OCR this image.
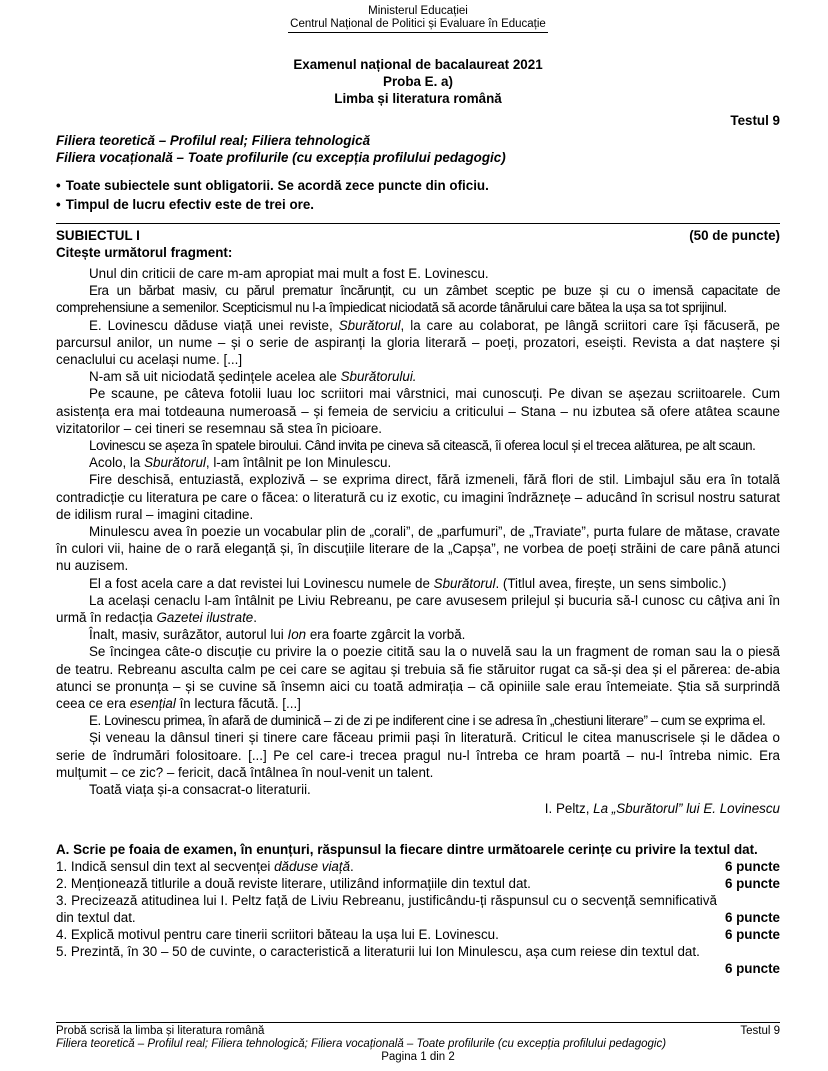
Ministerul Educației
Centrul Național de Politici și Evaluare în Educație
Examenul național de bacalaureat 2021
Proba E. a)
Limba și literatura română
Testul 9
Filiera teoretică – Profilul real; Filiera tehnologică
Filiera vocațională – Toate profilurile (cu excepția profilului pedagogic)
• Toate subiectele sunt obligatorii. Se acordă zece puncte din oficiu.
• Timpul de lucru efectiv este de trei ore.
SUBIECTUL I	(50 de puncte)
Citește următorul fragment:

Unul din criticii de care m-am apropiat mai mult a fost E. Lovinescu.

Era un bărbat masiv, cu părul prematur încărunțit, cu un zâmbet sceptic pe buze și cu o imensă capacitate de comprehensiune a semenilor. Scepticismul nu l-a împiedicat niciodată să acorde tânărului care bătea la ușa sa tot sprijinul.

E. Lovinescu dăduse viață unei reviste, Sburătorul, la care au colaborat, pe lângă scriitori care își făcuseră, pe parcursul anilor, un nume – și o serie de aspiranți la gloria literară – poeți, prozatori, eseiști. Revista a dat naștere și cenaclului cu același nume. [...]

N-am să uit niciodată ședințele acelea ale Sburătorului.

Pe scaune, pe câteva fotolii luau loc scriitori mai vârstnici, mai cunoscuți. Pe divan se așezau scriitoarele. Cum asistența era mai totdeauna numeroasă – și femeia de serviciu a criticului – Stana – nu izbutea să ofere atâtea scaune vizitatorilor – cei tineri se resemnau să stea în picioare.

Lovinescu se așeza în spatele biroului. Când invita pe cineva să citească, îi oferea locul și el trecea alăturea, pe alt scaun.

Acolo, la Sburătorul, l-am întâlnit pe Ion Minulescu.

Fire deschisă, entuziastă, explozivă – se exprima direct, fără izmeneli, fără flori de stil. Limbajul său era în totală contradicție cu literatura pe care o făcea: o literatură cu iz exotic, cu imagini îndrăznețe – aducând în scrisul nostru saturat de idilism rural – imagini citadine.

Minulescu avea în poezie un vocabular plin de „corali”, de „parfumuri”, de „Traviate”, purta fulare de mătase, cravate în culori vii, haine de o rară eleganță și, în discuțiile literare de la „Capșa”, ne vorbea de poeți străini de care până atunci nu auzisem.

El a fost acela care a dat revistei lui Lovinescu numele de Sburătorul. (Titlul avea, firește, un sens simbolic.)

La același cenaclu l-am întâlnit pe Liviu Rebreanu, pe care avusesem prilejul și bucuria să-l cunosc cu câțiva ani în urmă în redacția Gazetei ilustrate.

Înalt, masiv, surâzător, autorul lui Ion era foarte zgârcit la vorbă.

Se încingea câte-o discuție cu privire la o poezie citită sau la o nuvelă sau la un fragment de roman sau la o piesă de teatru. Rebreanu asculta calm pe cei care se agitau și trebuia să fie stăruitor rugat ca să-și dea și el părerea: de-abia atunci se pronunța – și se cuvine să însemn aici cu toată admirația – că opiniile sale erau întemeiate. Știa să surprindă ceea ce era esențial în lectura făcută. [...]

E. Lovinescu primea, în afară de duminică – zi de zi pe indiferent cine i se adresa în „chestiuni literare” – cum se exprima el.

Și veneau la dânsul tineri și tinere care făceau primii pași în literatură. Criticul le citea manuscrisele și le dădea o serie de îndrumări folositoare. [...] Pe cel care-i trecea pragul nu-l întreba ce hram poartă – nu-l întreba nimic. Era mulțumit – ce zic? – fericit, dacă întâlnea în noul-venit un talent.

Toată viața și-a consacrat-o literaturii.

I. Peltz, La „Sburătorul” lui E. Lovinescu
A. Scrie pe foaia de examen, în enunțuri, răspunsul la fiecare dintre următoarele cerințe cu privire la textul dat.
1. Indică sensul din text al secvenței dăduse viață.	6 puncte
2. Menționează titlurile a două reviste literare, utilizând informațiile din textul dat.	6 puncte
3. Precizează atitudinea lui I. Peltz față de Liviu Rebreanu, justificându-ți răspunsul cu o secvență semnificativă din textul dat.	6 puncte
4. Explică motivul pentru care tinerii scriitori băteau la ușa lui E. Lovinescu.	6 puncte
5. Prezintă, în 30 – 50 de cuvinte, o caracteristică a literaturii lui Ion Minulescu, așa cum reiese din textul dat.
6 puncte
Probă scrisă la limba și literatura română	Testul 9
Filiera teoretică – Profilul real; Filiera tehnologică; Filiera vocațională – Toate profilurile (cu excepția profilului pedagogic)
Pagina 1 din 2
